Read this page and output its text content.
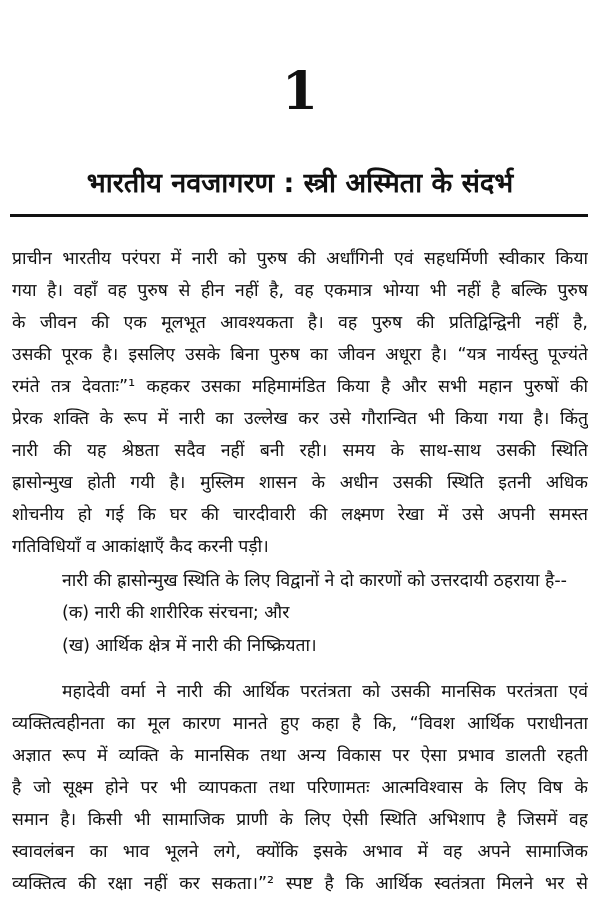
1
भारतीय नवजागरण : स्त्री अस्मिता के संदर्भ
प्राचीन भारतीय परंपरा में नारी को पुरुष की अर्धांगिनी एवं सहधर्मिणी स्वीकार किया
गया है। वहाँ वह पुरुष से हीन नहीं है, वह एकमात्र भोग्या भी नहीं है बल्कि पुरुष
के जीवन की एक मूलभूत आवश्यकता है। वह पुरुष की प्रतिद्विन्द्विनी नहीं है,
उसकी पूरक है। इसलिए उसके बिना पुरुष का जीवन अधूरा है। “यत्र नार्यस्तु पूज्यंते
रमंते तत्र देवताः”¹ कहकर उसका महिमामंडित किया है और सभी महान पुरुषों की
प्रेरक शक्ति के रूप में नारी का उल्लेख कर उसे गौरान्वित भी किया गया है। किंतु
नारी की यह श्रेष्ठता सदैव नहीं बनी रही। समय के साथ-साथ उसकी स्थिति
ह्रासोन्मुख होती गयी है। मुस्लिम शासन के अधीन उसकी स्थिति इतनी अधिक
शोचनीय हो गई कि घर की चारदीवारी की लक्ष्मण रेखा में उसे अपनी समस्त
गतिविधियाँ व आकांक्षाएँ कैद करनी पड़ी।
नारी की ह्रासोन्मुख स्थिति के लिए विद्वानों ने दो कारणों को उत्तरदायी ठहराया है--
(क) नारी की शारीरिक संरचना; और
(ख) आर्थिक क्षेत्र में नारी की निष्क्रियता।
महादेवी वर्मा ने नारी की आर्थिक परतंत्रता को उसकी मानसिक परतंत्रता एवं
व्यक्तित्वहीनता का मूल कारण मानते हुए कहा है कि, “विवश आर्थिक पराधीनता
अज्ञात रूप में व्यक्ति के मानसिक तथा अन्य विकास पर ऐसा प्रभाव डालती रहती
है जो सूक्ष्म होने पर भी व्यापकता तथा परिणामतः आत्मविश्वास के लिए विष के
समान है। किसी भी सामाजिक प्राणी के लिए ऐसी स्थिति अभिशाप है जिसमें वह
स्वावलंबन का भाव भूलने लगे, क्योंकि इसके अभाव में वह अपने सामाजिक
व्यक्तित्व की रक्षा नहीं कर सकता।”² स्पष्ट है कि आर्थिक स्वतंत्रता मिलने भर से
